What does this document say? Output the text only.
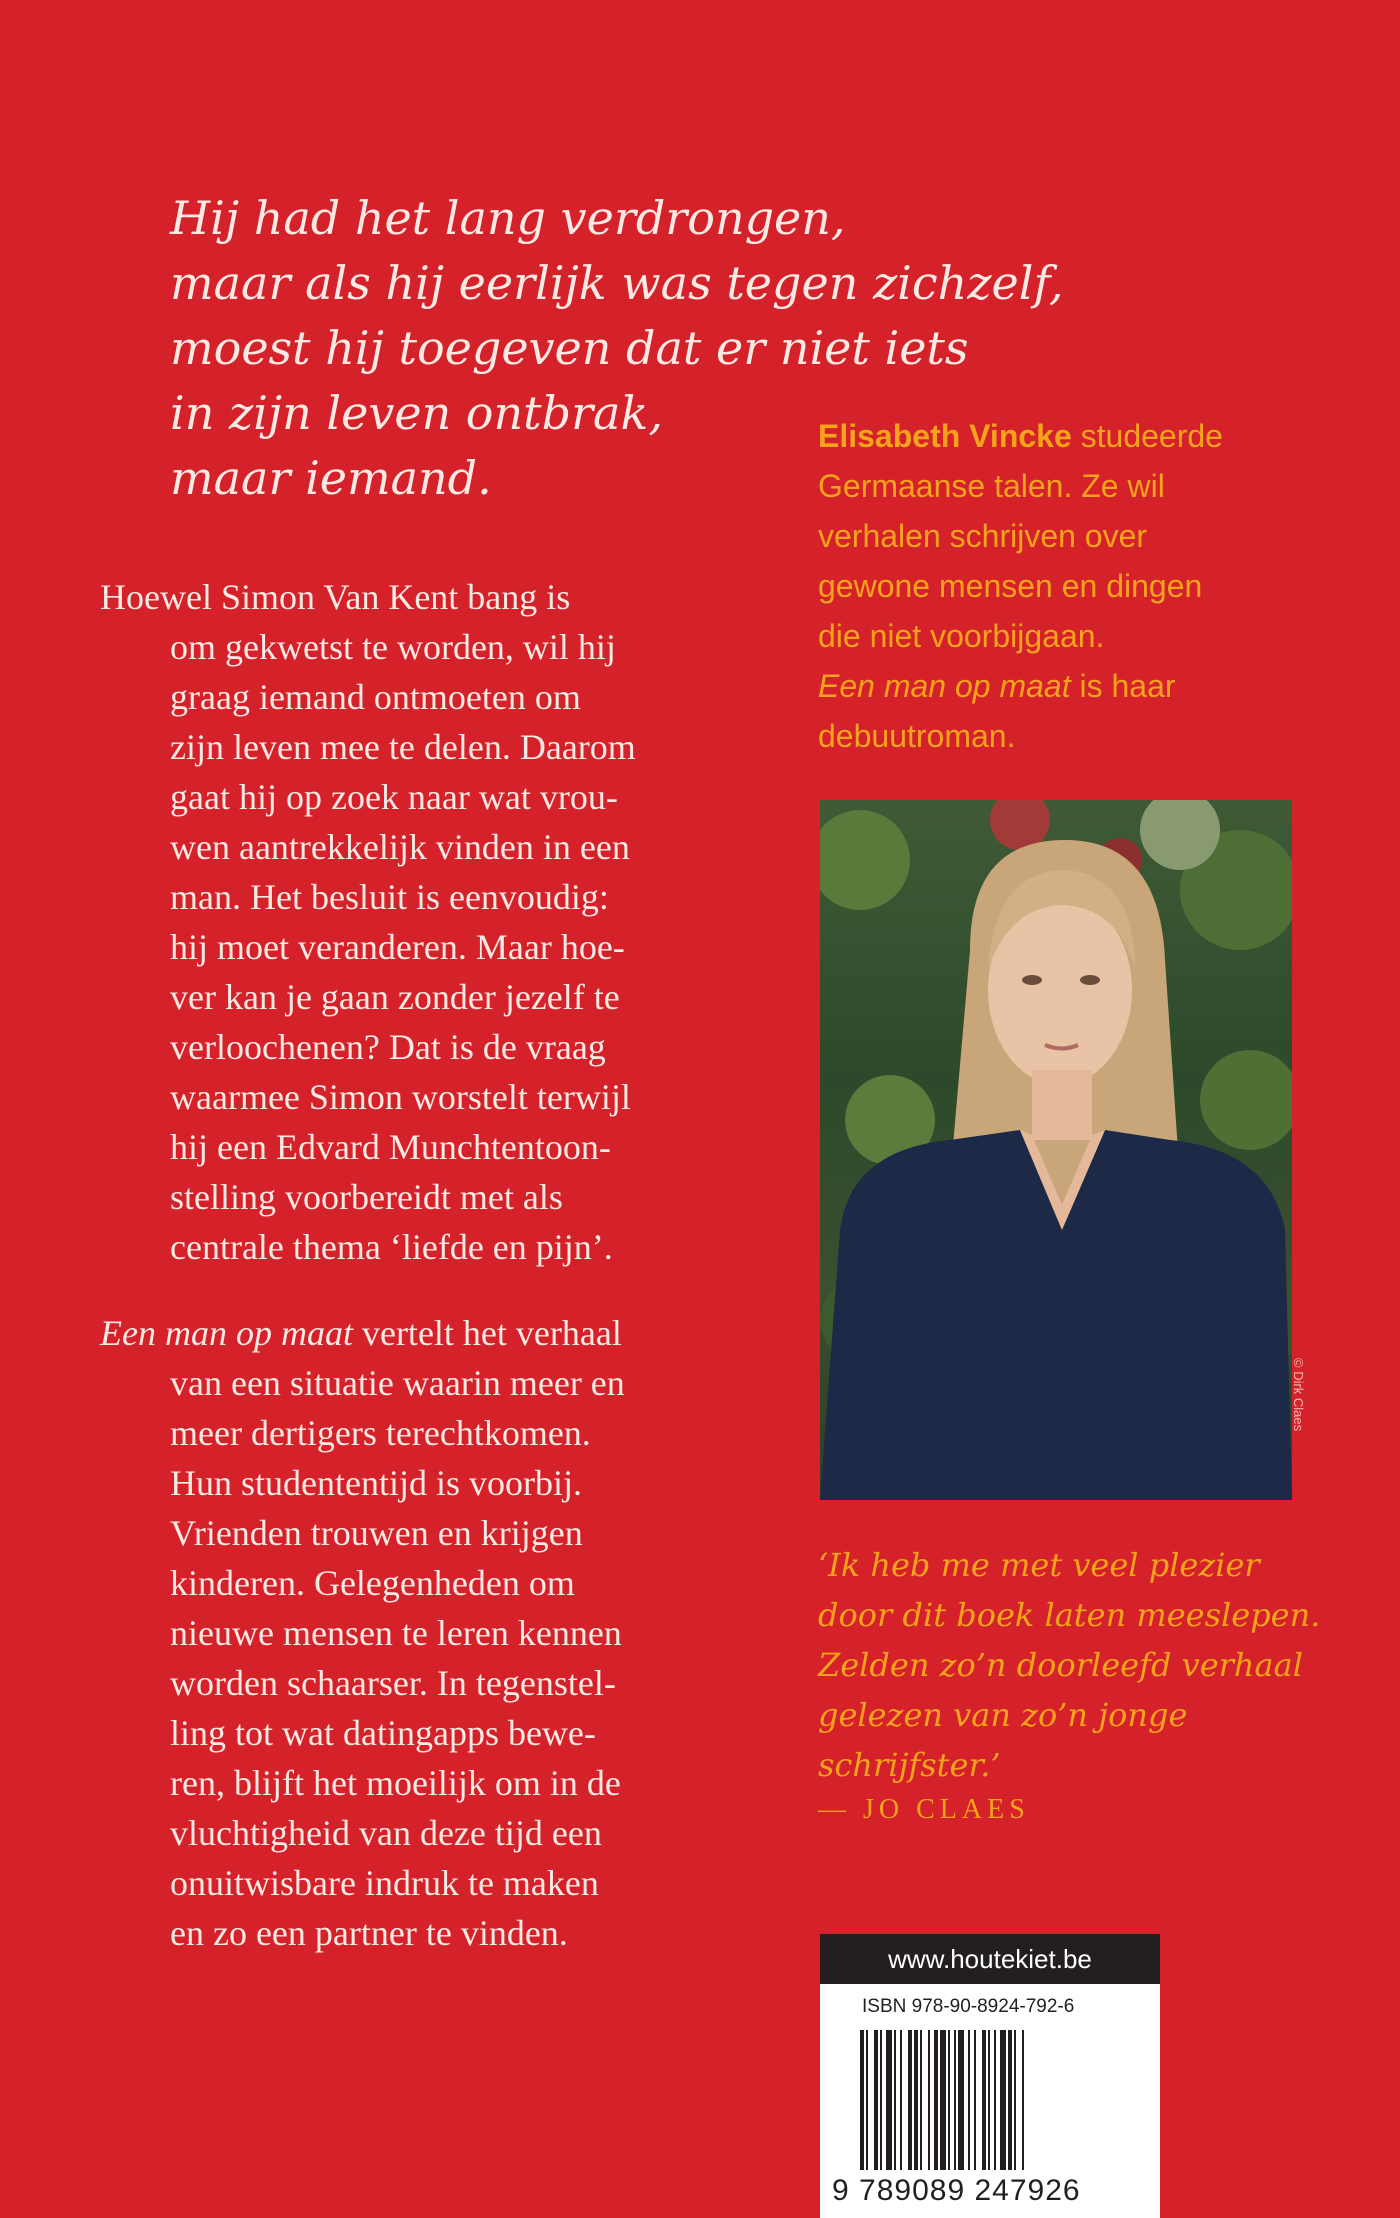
Hij had het lang verdrongen,
maar als hij eerlijk was tegen zichzelf,
moest hij toegeven dat er niet iets
in zijn leven ontbrak,
maar iemand.
Hoewel Simon Van Kent bang is
om gekwetst te worden, wil hij
graag iemand ontmoeten om
zijn leven mee te delen. Daarom
gaat hij op zoek naar wat vrou-
wen aantrekkelijk vinden in een
man. Het besluit is eenvoudig:
hij moet veranderen. Maar hoe-
ver kan je gaan zonder jezelf te
verloochenen? Dat is de vraag
waarmee Simon worstelt terwijl
hij een Edvard Munchtentoon-
stelling voorbereidt met als
centrale thema ‘liefde en pijn’.
Een man op maat vertelt het verhaal
van een situatie waarin meer en
meer dertigers terechtkomen.
Hun studententijd is voorbij.
Vrienden trouwen en krijgen
kinderen. Gelegenheden om
nieuwe mensen te leren kennen
worden schaarser. In tegenstel-
ling tot wat datingapps bewe-
ren, blijft het moeilijk om in de
vluchtigheid van deze tijd een
onuitwisbare indruk te maken
en zo een partner te vinden.
Elisabeth Vincke studeerde
Germaanse talen. Ze wil
verhalen schrijven over
gewone mensen en dingen
die niet voorbijgaan.
Een man op maat is haar
debuutroman.
© Dirk Claes
‘Ik heb me met veel plezier
door dit boek laten meeslepen.
Zelden zo’n doorleefd verhaal
gelezen van zo’n jonge
schrijfster.’
— JO CLAES
www.houtekiet.be
ISBN 978-90-8924-792-6
9 789089 247926
